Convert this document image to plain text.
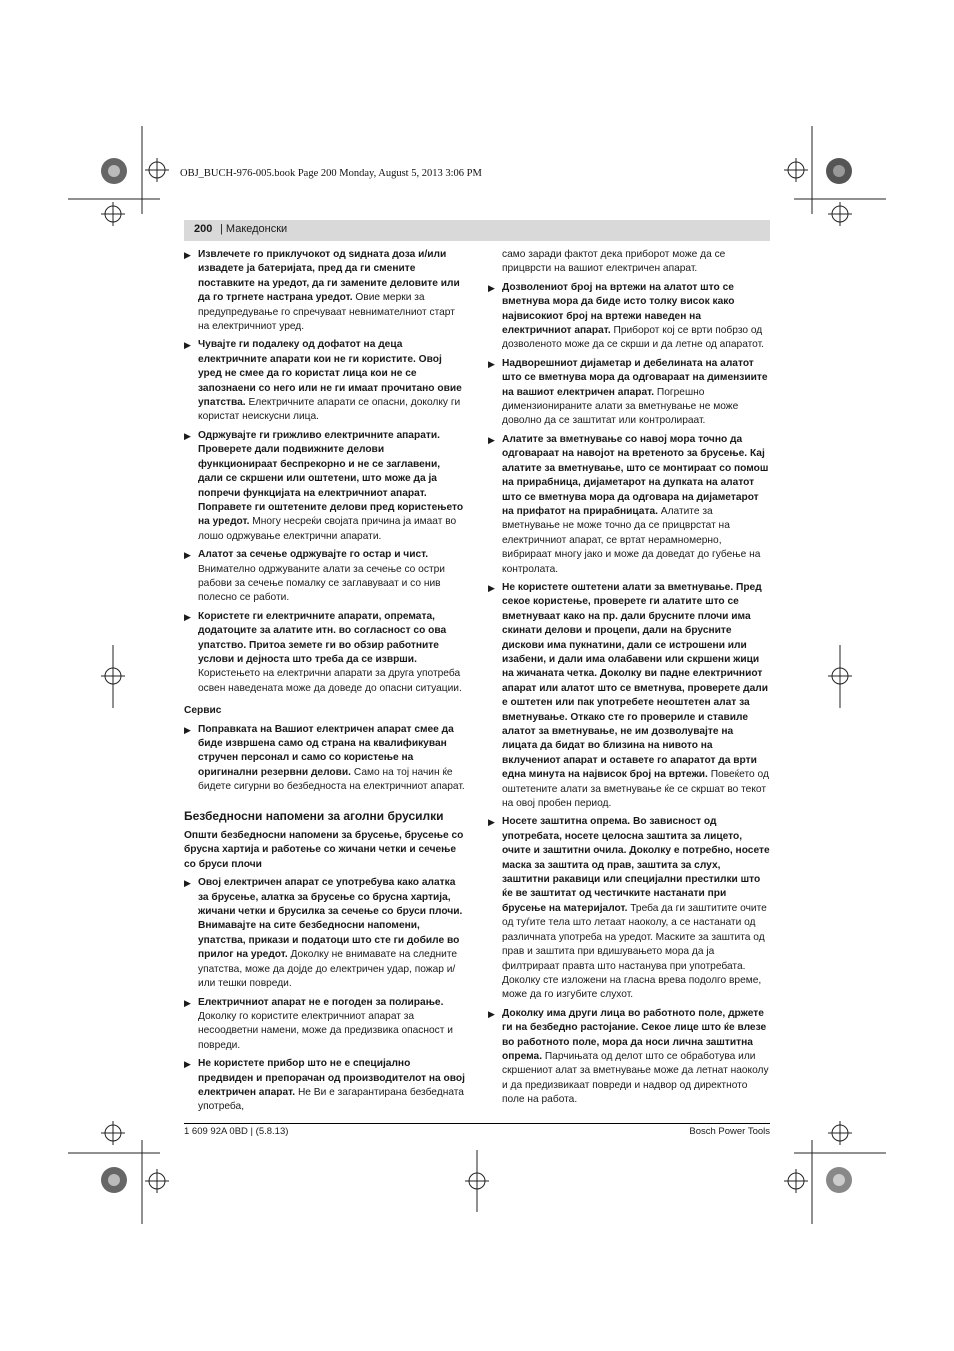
OBJ_BUCH-976-005.book Page 200 Monday, August 5, 2013 3:06 PM
200 | Македонски
▶ Извлечете го приклучокот од sидната доза и/или извадете ја батеријата, пред да ги смените поставките на уредот, да ги замените деловите или да го тргнете настрана уредот. Овие мерки за предупредување го спречуваат невнимателниот старт на електричниот уред.
▶ Чувајте ги подалеку од дофатот на деца електричните апарати кои не ги користите. Овој уред не смее да го користат лица кои не се запознаени со него или не ги имаат прочитано овие упатства. Електричните апарати се опасни, доколку ги користат неискусни лица.
▶ Одржувајте ги грижливо електричните апарати. Проверете дали подвижните делови функционираат беспрекорно и не се заглавени, дали се скршени или оштетени, што може да ја попречи функцијата на електричниот апарат. Поправете ги оштетените делови пред користењето на уредот. Многу несреќи својата причина ја имаат во лошо одржување електрични апарати.
▶ Алатот за сечење одржувајте го остар и чист. Внимателно одржуваните алати за сечење со остри рабови за сечење помалку се заглавуваат и со нив полесно се работи.
▶ Користете ги електричните апарати, опремата, додатоците за алатите итн. во согласност со ова упатство. Притоа земете ги во обзир работните услови и дејноста што треба да се изврши. Користењето на електрични апарати за друга употреба освен наведената може да доведе до опасни ситуации.
Сервис
▶ Поправката на Вашиот електричен апарат смее да биде извршена само од страна на квалификуван стручен персонал и само со користење на оригинални резервни делови. Само на тој начин ќе бидете сигурни во безбедноста на електричниот апарат.
Безбедносни напомени за аголни брусилки
Општи безбедносни напомени за брусење, брусење со брусна хартија и работење со жичани четки и сечење со бруси плочи
▶ Овој електричен апарат се употребува како алатка за брусење, алатка за брусење со брусна хартија, жичани четки и брусилка за сечење со бруси плочи. Внимавајте на сите безбедносни напомени, упатства, прикази и податоци што сте ги добиле во прилог на уредот. Доколку не внимавате на следните упатства, може да дојде до електричен удар, пожар и/или тешки повреди.
▶ Електричниот апарат не е погоден за полирање. Доколку го користите електричниот апарат за несоодветни намени, може да предизвика опасност и повреди.
▶ Не користете прибор што не е специјално предвиден и препорачан од производителот на овој електричен апарат. Не Ви е загарантирана безбедната употреба,
само заради фактот дека приборот може да се прицврсти на вашиот електричен апарат.
▶ Дозволениот број на вртежи на алатот што се вметнува мора да биде исто толку висок како највисокиот број на вртежи наведен на електричниот апарат. Приборот кој се врти побрзо од дозволеното може да се скрши и да летне од апаратот.
▶ Надворешниот дијаметар и дебелината на алатот што се вметнува мора да одговараат на димензиите на вашиот електричен апарат. Погрешно димензионираните алати за вметнување не може доволно да се заштитат или контролираат.
▶ Алатите за вметнување со навој мора точно да одговараат на навојот на вретеното за брусење. Кај алатите за вметнување, што се монтираат со помош на прирабница, дијаметарот на дупката на алатот што се вметнува мора да одговара на дијаметарот на прифатот на прирабницата. Алатите за вметнување не може точно да се прицврстат на електричниот апарат, се вртат нерамномерно, вибрираат многу јако и може да доведат до губење на контролата.
▶ Не користете оштетени алати за вметнување. Пред секое користење, проверете ги алатите што се вметнуваат како на пр. дали брусните плочи има скинати делови и процепи, дали на брусните дискови има пукнатини, дали се истрошени или изабени, и дали има олабавени или скршени жици на жичаната четка. Доколку ви падне електричниот апарат или алатот што се вметнува, проверете дали е оштетен или пак употребете неоштетен алат за вметнување. Откако сте го провериле и ставиле алатот за вметнување, не им дозволувајте на лицата да бидат во близина на нивото на вклучениот апарат и оставете го апаратот да врти една минута на највисок број на вртежи. Повеќето од оштетените алати за вметнување ќе се скршат во текот на овој пробен период.
▶ Носете заштитна опрема. Во зависност од употребата, носете целосна заштита за лицето, очите и заштитни очила. Доколку е потребно, носете маска за заштита од прав, заштита за слух, заштитни ракавици или специјални престилки што ќе ве заштитат од честичките настанати при брусење на материјалот. Треба да ги заштитите очите од туѓите тела што летаат наоколу, а се настанати од различната употреба на уредот. Маските за заштита од прав и заштита при вдишувањето мора да ја филтрираат правта што настанува при употребата. Доколку сте изложени на гласна врева подолго време, може да го изгубите слухот.
▶ Доколку има други лица во работното поле, држете ги на безбедно растојание. Секое лице што ќе влезе во работното поле, мора да носи лична заштитна опрема. Парчињата од делот што се обработува или скршениот алат за вметнување може да летнат наоколу и да предизвикаат повреди и надвор од директното поле на работа.
1 609 92A 0BD | (5.8.13)	Bosch Power Tools
